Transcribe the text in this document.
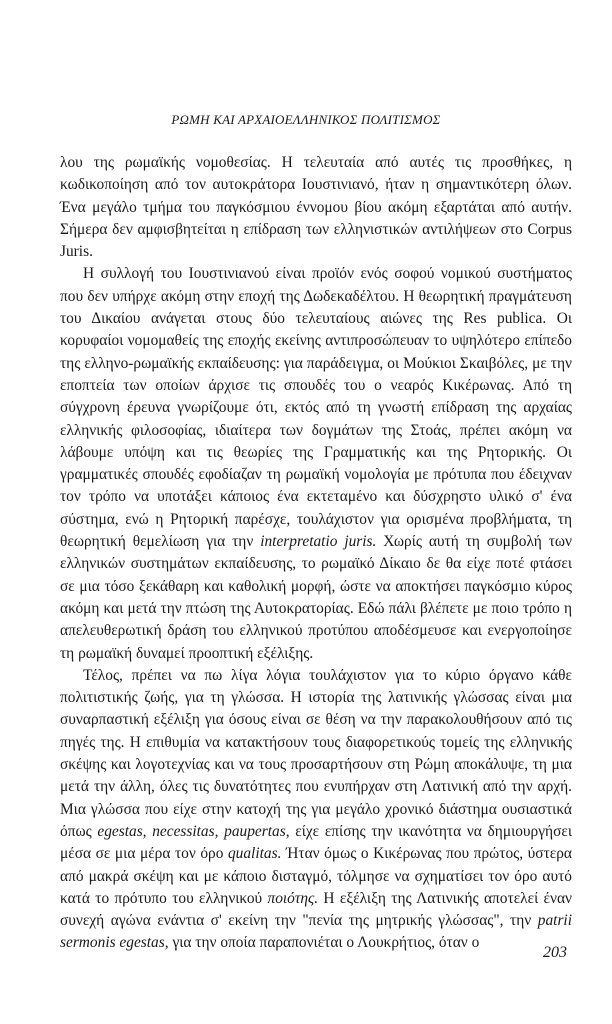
ΡΩΜΗ ΚΑΙ ΑΡΧΑΙΟΕΛΛΗΝΙΚΟΣ ΠΟΛΙΤΙΣΜΟΣ

λου της ρωμαϊκής νομοθεσίας. Η τελευταία από αυτές τις προσθήκες, η κωδικοποίηση από τον αυτοκράτορα Ιουστινιανό, ήταν η σημαντικότερη όλων. Ένα μεγάλο τμήμα του παγκόσμιου έννομου βίου ακόμη εξαρτάται από αυτήν. Σήμερα δεν αμφισβητείται η επίδραση των ελληνιστικών αντιλήψεων στο Corpus Juris.

Η συλλογή του Ιουστινιανού είναι προϊόν ενός σοφού νομικού συστήματος που δεν υπήρχε ακόμη στην εποχή της Δωδεκαδέλτου. Η θεωρητική πραγμάτευση του Δικαίου ανάγεται στους δύο τελευταίους αιώνες της Res publica. Οι κορυφαίοι νομομαθείς της εποχής εκείνης αντιπροσώπευαν το υψηλότερο επίπεδο της ελληνο-ρωμαϊκής εκπαίδευσης: για παράδειγμα, οι Μούκιοι Σκαιβόλες, με την εποπτεία των οποίων άρχισε τις σπουδές του ο νεαρός Κικέρωνας. Από τη σύγχρονη έρευνα γνωρίζουμε ότι, εκτός από τη γνωστή επίδραση της αρχαίας ελληνικής φιλοσοφίας, ιδιαίτερα των δογμάτων της Στοάς, πρέπει ακόμη να λάβουμε υπόψη και τις θεωρίες της Γραμματικής και της Ρητορικής. Οι γραμματικές σπουδές εφοδίαζαν τη ρωμαϊκή νομολογία με πρότυπα που έδειχναν τον τρόπο να υποτάξει κάποιος ένα εκτεταμένο και δύσχρηστο υλικό σ' ένα σύστημα, ενώ η Ρητορική παρέσχε, τουλάχιστον για ορισμένα προβλήματα, τη θεωρητική θεμελίωση για την interpretatio juris. Χωρίς αυτή τη συμβολή των ελληνικών συστημάτων εκπαίδευσης, το ρωμαϊκό Δίκαιο δε θα είχε ποτέ φτάσει σε μια τόσο ξεκάθαρη και καθολική μορφή, ώστε να αποκτήσει παγκόσμιο κύρος ακόμη και μετά την πτώση της Αυτοκρατορίας. Εδώ πάλι βλέπετε με ποιο τρόπο η απελευθερωτική δράση του ελληνικού προτύπου αποδέσμευσε και ενεργοποίησε τη ρωμαϊκή δυναμεί προοπτική εξέλιξης.

Τέλος, πρέπει να πω λίγα λόγια τουλάχιστον για το κύριο όργανο κάθε πολιτιστικής ζωής, για τη γλώσσα. Η ιστορία της λατινικής γλώσσας είναι μια συναρπαστική εξέλιξη για όσους είναι σε θέση να την παρακολουθήσουν από τις πηγές της. Η επιθυμία να κατακτήσουν τους διαφορετικούς τομείς της ελληνικής σκέψης και λογοτεχνίας και να τους προσαρτήσουν στη Ρώμη αποκάλυψε, τη μια μετά την άλλη, όλες τις δυνατότητες που ενυπήρχαν στη Λατινική από την αρχή. Μια γλώσσα που είχε στην κατοχή της για μεγάλο χρονικό διάστημα ουσιαστικά όπως egestas, necessitas, paupertas, είχε επίσης την ικανότητα να δημιουργήσει μέσα σε μια μέρα τον όρο qualitas. Ήταν όμως ο Κικέρωνας που πρώτος, ύστερα από μακρά σκέψη και με κάποιο δισταγμό, τόλμησε να σχηματίσει τον όρο αυτό κατά το πρότυπο του ελληνικού ποιότης. Η εξέλιξη της Λατινικής αποτελεί έναν συνεχή αγώνα ενάντια σ' εκείνη την "πενία της μητρικής γλώσσας", την patrii sermonis egestas, για την οποία παραπονιέται ο Λουκρήτιος, όταν ο

203
